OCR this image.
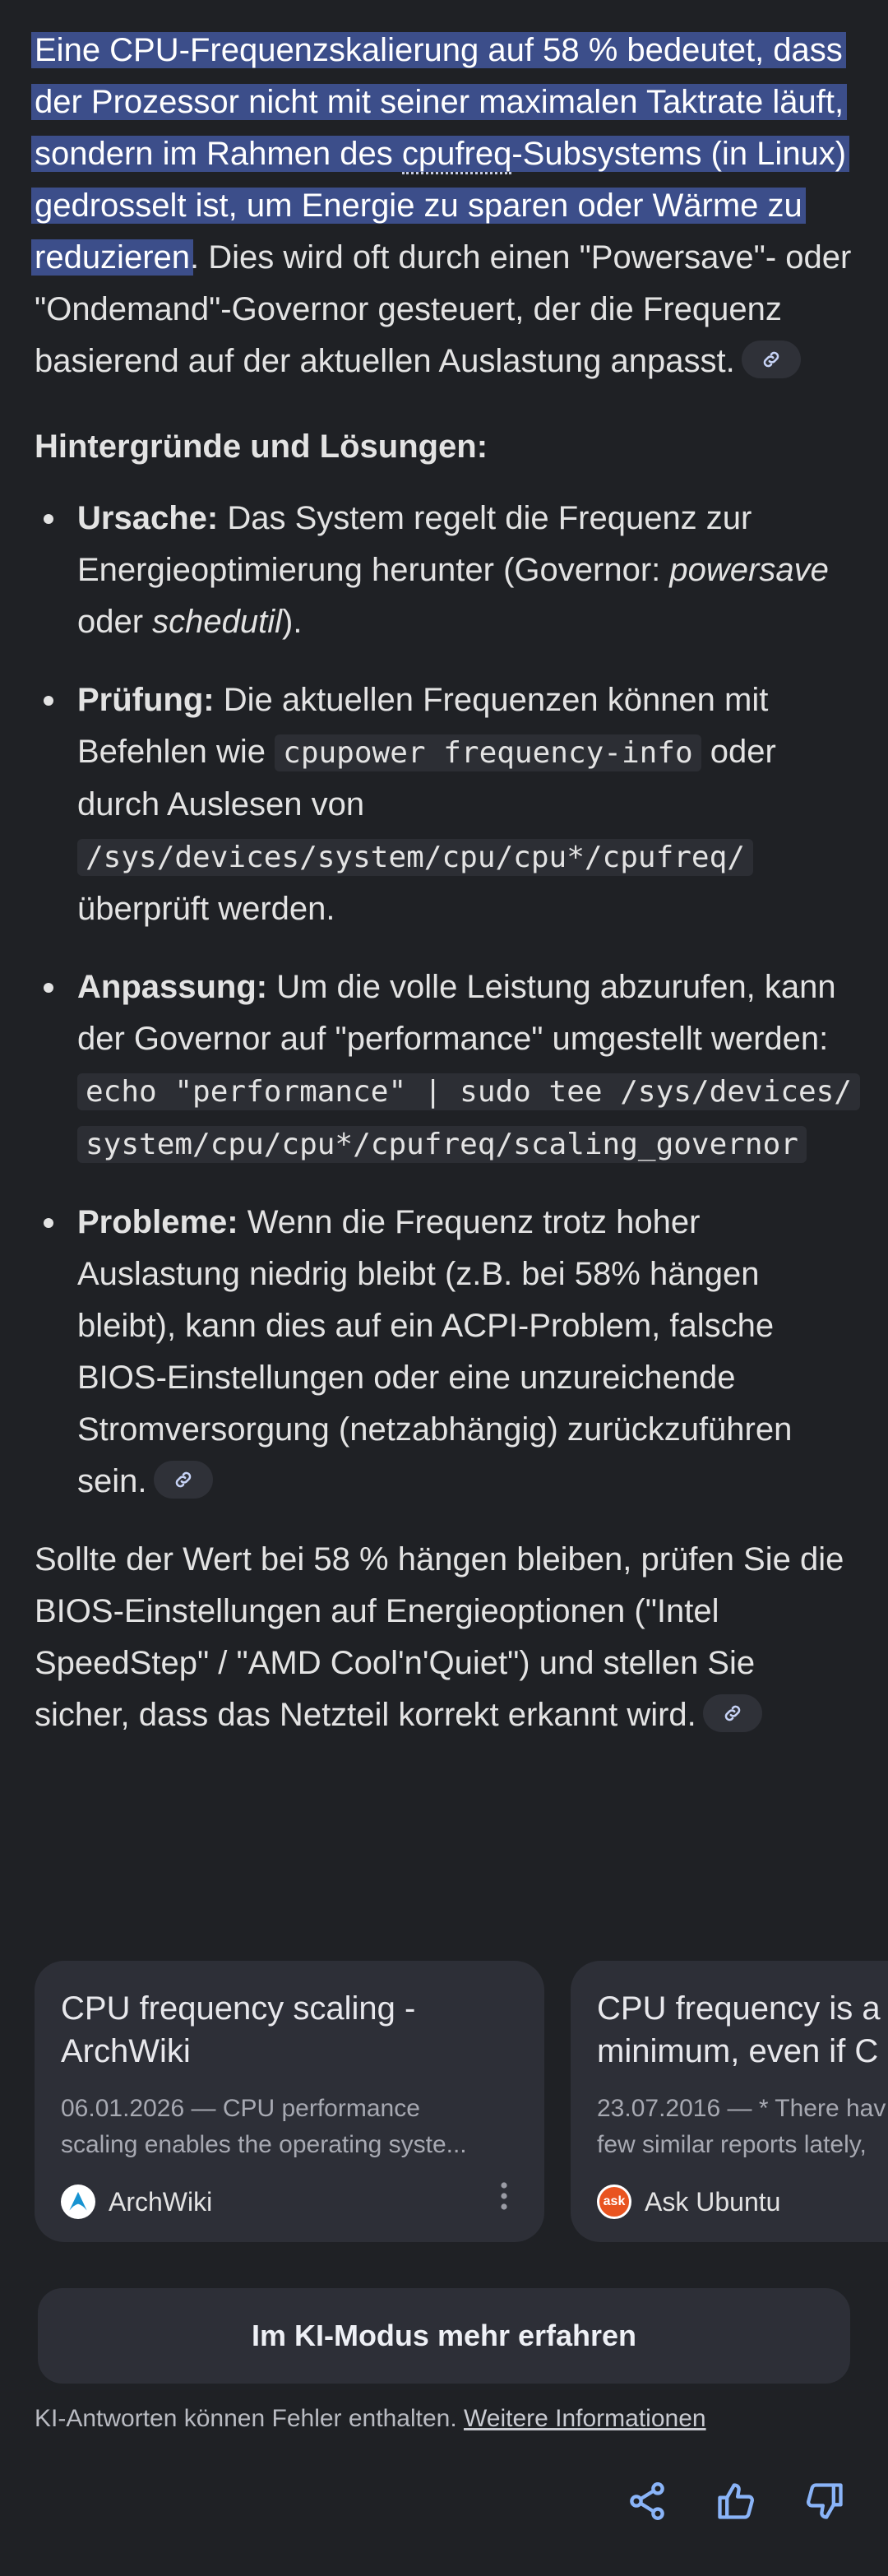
Eine CPU-Frequenzskalierung auf 58 % bedeutet, dass der Prozessor nicht mit seiner maximalen Taktrate läuft, sondern im Rahmen des cpufreq-Subsystems (in Linux) gedrosselt ist, um Energie zu sparen oder Wärme zu reduzieren. Dies wird oft durch einen "Powersave"- oder "Ondemand"-Governor gesteuert, der die Frequenz basierend auf der aktuellen Auslastung anpasst.

Hintergründe und Lösungen:
Ursache: Das System regelt die Frequenz zur Energieoptimierung herunter (Governor: powersave oder schedutil).
Prüfung: Die aktuellen Frequenzen können mit Befehlen wie cpupower frequency-info oder durch Auslesen von
/sys/devices/system/cpu/cpu*/cpufreq/
überprüft werden.
Anpassung: Um die volle Leistung abzurufen, kann der Governor auf "performance" umgestellt werden:
echo "performance" | sudo tee /sys/devices/system/cpu/cpu*/cpufreq/scaling_governor
Probleme: Wenn die Frequenz trotz hoher Auslastung niedrig bleibt (z.B. bei 58% hängen bleibt), kann dies auf ein ACPI-Problem, falsche BIOS-Einstellungen oder eine unzureichende Stromversorgung (netzabhängig) zurückzuführen sein.

Sollte der Wert bei 58 % hängen bleiben, prüfen Sie die BIOS-Einstellungen auf Energieoptionen ("Intel SpeedStep" / "AMD Cool'n'Quiet") und stellen Sie sicher, dass das Netzteil korrekt erkannt wird.

CPU frequency scaling -
ArchWiki
06.01.2026 — CPU performance
scaling enables the operating syste...
ArchWiki
CPU frequency is a
minimum, even if C
23.07.2016 — * There hav
few similar reports lately,
ask Ask Ubuntu
Im KI-Modus mehr erfahren
KI-Antworten können Fehler enthalten. Weitere Informationen
